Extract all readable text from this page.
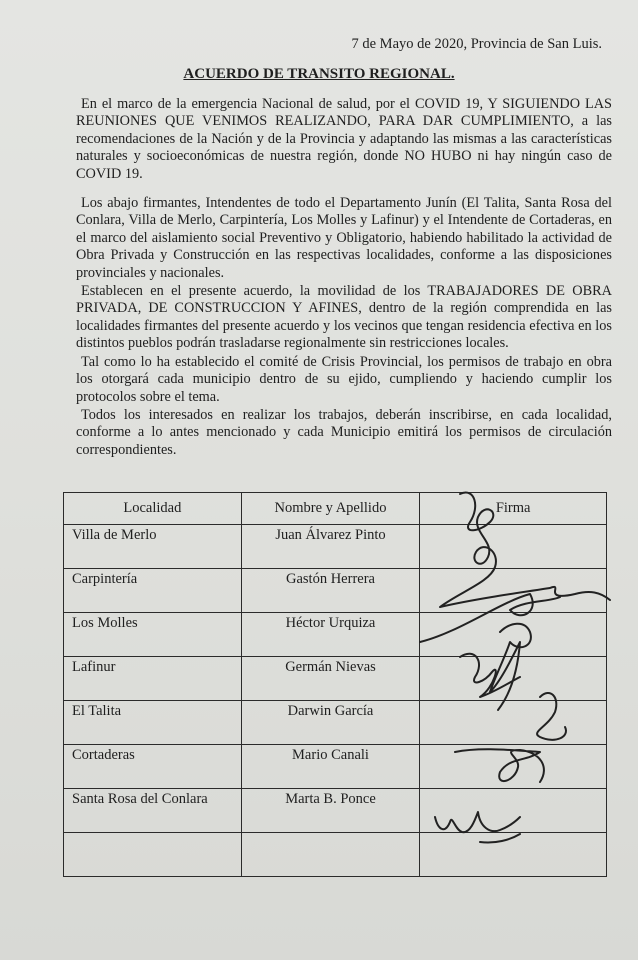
7 de Mayo de 2020, Provincia de San Luis.
ACUERDO DE TRANSITO REGIONAL.

En el marco de la emergencia Nacional de salud, por el COVID 19, Y SIGUIENDO LAS REUNIONES QUE VENIMOS REALIZANDO, PARA DAR CUMPLIMIENTO, a las recomendaciones de la Nación y de la Provincia y adaptando las mismas a las características naturales y socioeconómicas de nuestra región, donde NO HUBO ni hay ningún caso de COVID 19.

Los abajo firmantes, Intendentes de todo el Departamento Junín (El Talita, Santa Rosa del Conlara, Villa de Merlo, Carpintería, Los Molles y Lafinur) y el Intendente de Cortaderas, en el marco del aislamiento social Preventivo y Obligatorio, habiendo habilitado la actividad de Obra Privada y Construcción en las respectivas localidades, conforme a las disposiciones provinciales y nacionales.

Establecen en el presente acuerdo, la movilidad de los TRABAJADORES DE OBRA PRIVADA, DE CONSTRUCCION Y AFINES, dentro de la región comprendida en las localidades firmantes del presente acuerdo y los vecinos que tengan residencia efectiva en los distintos pueblos podrán trasladarse regionalmente sin restricciones locales.

Tal como lo ha establecido el comité de Crisis Provincial, los permisos de trabajo en obra los otorgará cada municipio dentro de su ejido, cumpliendo y haciendo cumplir los protocolos sobre el tema.

Todos los interesados en realizar los trabajos, deberán inscribirse, en cada localidad, conforme a lo antes mencionado y cada Municipio emitirá los permisos de circulación correspondientes.

Localidad	Nombre y Apellido	Firma
Villa de Merlo	Juan Álvarez Pinto	
Carpintería	Gastón Herrera	
Los Molles	Héctor Urquiza	
Lafinur	Germán Nievas	
El Talita	Darwin García	
Cortaderas	Mario Canali	
Santa Rosa del Conlara	Marta B. Ponce	
